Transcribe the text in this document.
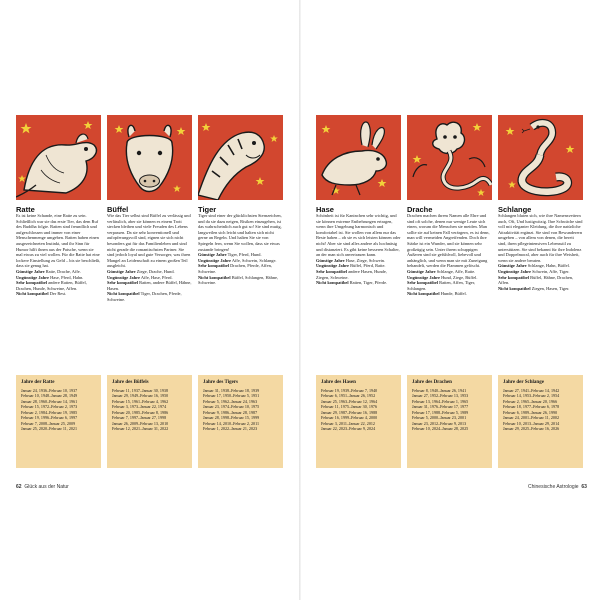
Ratte

Es ist keine Schande, eine Ratte zu sein. Schließlich war sie das erste Tier, das dem Ruf des Buddha folgte. Ratten sind freundlich und aufgeschlossen und immer von einer Menschenmenge umgeben. Ratten haben einen ausgezeichneten Instinkt, und ihr Sinn für Humor hilft ihnen aus der Patsche, wenn sie mal etwas zu viel wollen. Für die Ratte hat eine lockere Einstellung zu Geld – bis sie beschließt, dass sie genug hat.

Günstige Jahre Ratte, Drache, Affe.

Ungünstige Jahre Hase, Pferd, Hahn.

Sehr kompatibel andere Ratten, Büffel, Drachen, Hunde, Schweine, Affen.

Nicht kompatibel Der Rest.

Jahre der Ratte
Januar 24, 1936–Februar 10, 1937
Februar 10, 1948–Januar 28, 1949
Januar 28, 1960–Februar 14, 1961
Februar 15, 1972–Februar 2, 1973
Februar 2, 1984–Februar 19, 1985
Februar 19, 1996–Februar 6, 1997
Februar 7, 2008–Januar 25, 2009
Januar 25, 2020–Februar 11, 2021
Büffel

Wie das Tier selbst sind Büffel zu verlässig und verlässlich, aber sie können es einem Trott stecken bleiben und viele Freuden des Lebens verpassen. Da sie sehr konventionell und aufopferungsvoll sind, eignen sie sich nicht besonders gut für das Familienleben und sind nicht gerade die romantischsten Partner. Sie sind jedoch loyal und gute Versorger, was ihren Mangel an Leidenschaft zu einem großen Teil ausgleicht.

Günstige Jahre Ziege, Drache, Hund.

Ungünstige Jahre Affe, Hase, Pferd.

Sehr kompatibel Ratten, andere Büffel, Hähne, Hasen.

Nicht kompatibel Tiger, Drachen, Pferde, Schweine.

Jahre des Büffels
Februar 11, 1937–Januar 30, 1938
Januar 29, 1949–Februar 16, 1950
Februar 15, 1961–Februar 4, 1962
Februar 3, 1973–Januar 22, 1974
Februar 20, 1985–Februar 8, 1986
Februar 7, 1997–Januar 27, 1998
Januar 26, 2009–Februar 13, 2010
Februar 12, 2021–Januar 31, 2022
Tiger

Tiger sind einer der glücklichsten Sternzeichen, und da sie dazu neigen, Risiken einzugehen, ist das wahrscheinlich auch gut so! Sie sind mutig, langweilen sich leicht und halten sich nicht gerne an Regeln. Und halten Sie sie von Spiegeln fern, wenn Sie wollen, dass sie etwas zustande bringen!

Günstige Jahre Tiger, Pferd, Hund.

Ungünstige Jahre Affe, Schwein, Schlange.

Sehr kompatibel Drachen, Pferde, Affen, Schweine.

Nicht kompatibel Büffel, Schlangen, Hähne, Schweine.

Jahre des Tigers
Januar 31, 1938–Februar 18, 1939
Februar 17, 1950–Februar 5, 1951
Februar 5, 1962–Januar 24, 1963
Januar 23, 1974–Februar 10, 1975
Februar 9, 1986–Januar 28, 1987
Januar 28, 1998–Februar 15, 1999
Februar 14, 2010–Februar 2, 2011
Februar 1, 2022–Januar 21, 2023
62 Glück aus der Natur
Hase

Schönheit ist für Kaninchen sehr wichtig, und sie können extreme Entbehrungen ertragen, wenn ihre Umgebung harmonisch und komfortabel ist. Sie wollen von allem nur das Beste haben – ob sie es sich leisten können oder nicht! Aber sie sind alles andere als hochnäsig und distanziert. Es gibt keine besseren Schalter, an der man sich anvertrauen kann.

Günstige Jahre Hase, Ziege, Schwein.

Ungünstige Jahre Büffel, Pferd, Ratte.

Sehr kompatibel andere Hasen, Hunde, Ziegen, Schweine.

Nicht kompatibel Ratten, Tiger, Pferde.

Jahre des Hasen
Februar 19, 1939–Februar 7, 1940
Februar 6, 1951–Januar 26, 1952
Januar 25, 1963–Februar 12, 1964
Februar 11, 1975–Januar 30, 1976
Januar 29, 1987–Februar 16, 1988
Februar 16, 1999–Februar 4, 2000
Februar 3, 2011–Januar 22, 2012
Januar 22, 2023–Februar 9, 2024
Drache

Drachen machen ihrem Namen alle Ehre und sind oft solche, denen nur wenige Leute sich einen, worum die Menschen sie meiden. Man sollte sie auf keinen Fall verärgern, es ist denn, man will vermeiden Angreifenden. Doch ihre Stärke ist ein Wunder, und sie können sehr großzügig sein. Unter ihrem schuppigen Äußeren sind sie gefühlvoll, liebevoll und anhänglich, und wenn man sie mit Zuneigung behandelt, werden die Flammen gelöscht.

Günstige Jahre Schlange, Affe, Ratte.

Ungünstige Jahre Hund, Ziege, Büffel.

Sehr kompatibel Ratten, Affen, Tiger, Schlangen.

Nicht kompatibel Hunde, Büffel.

Jahre des Drachen
Februar 8, 1940–Januar 26, 1941
Januar 27, 1952–Februar 13, 1953
Februar 13, 1964–Februar 1, 1965
Januar 31, 1976–Februar 17, 1977
Februar 17, 1988–Februar 5, 1989
Februar 5, 2000–Januar 23, 2001
Januar 23, 2012–Februar 9, 2013
Februar 10, 2024–Januar 28, 2025
Schlange

Schlangen bluten sich, wie ihre Namensvettern auch, Oft, Und lustigwitzig. Ihre Schwäche sind voll mit eleganter Kleidung, die ihre natürliche Attraktivität ergänzt. Sie sind von Bewunderern umgeben – von allem von denen, die bereit sind, ihren pflegeintensiven Lebensstil zu unterstützen. Sie sind bekannt für ihre Indolenz und Doppelmoral, aber auch für ihre Weisheit, wenn sie andere beraten.

Günstige Jahre Schlange, Hahn, Büffel.

Ungünstige Jahre Schwein, Affe, Tiger.

Sehr kompatibel Büffel, Hähne, Drachen, Affen.

Nicht kompatibel Ziegen, Hasen, Tiger.

Jahre der Schlange
Januar 27, 1941–Februar 14, 1942
Februar 14, 1953–Februar 2, 1954
Februar 2, 1965–Januar 20, 1966
Februar 18, 1977–Februar 6, 1978
Februar 6, 1989–Januar 26, 1990
Januar 24, 2001–Februar 11, 2002
Februar 10, 2013–Januar 29, 2014
Januar 29, 2025–Februar 16, 2026
Chinesische Astrologie 63
